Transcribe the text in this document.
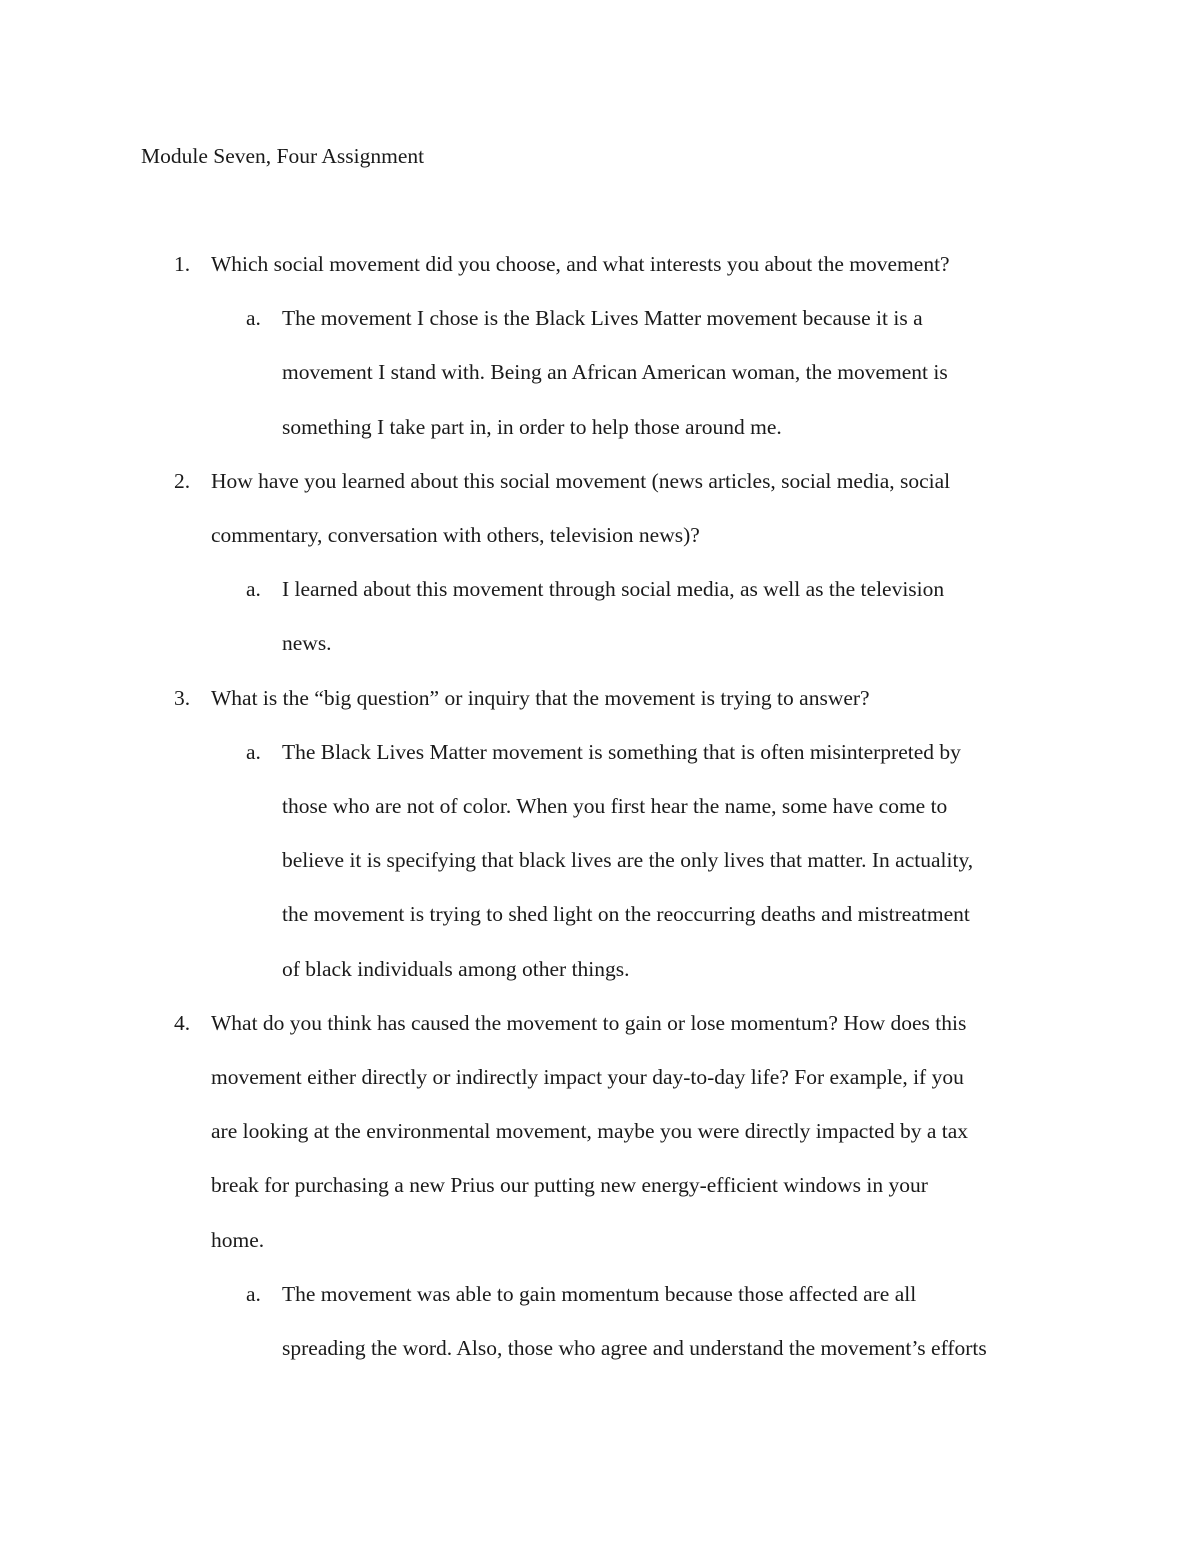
Module Seven, Four Assignment
1. Which social movement did you choose, and what interests you about the movement?
a. The movement I chose is the Black Lives Matter movement because it is a
movement I stand with. Being an African American woman, the movement is
something I take part in, in order to help those around me.
2. How have you learned about this social movement (news articles, social media, social
commentary, conversation with others, television news)?
a. I learned about this movement through social media, as well as the television
news.
3. What is the “big question” or inquiry that the movement is trying to answer?
a. The Black Lives Matter movement is something that is often misinterpreted by
those who are not of color. When you first hear the name, some have come to
believe it is specifying that black lives are the only lives that matter. In actuality,
the movement is trying to shed light on the reoccurring deaths and mistreatment
of black individuals among other things.
4. What do you think has caused the movement to gain or lose momentum? How does this
movement either directly or indirectly impact your day-to-day life? For example, if you
are looking at the environmental movement, maybe you were directly impacted by a tax
break for purchasing a new Prius our putting new energy-efficient windows in your
home.
a. The movement was able to gain momentum because those affected are all
spreading the word. Also, those who agree and understand the movement’s efforts
